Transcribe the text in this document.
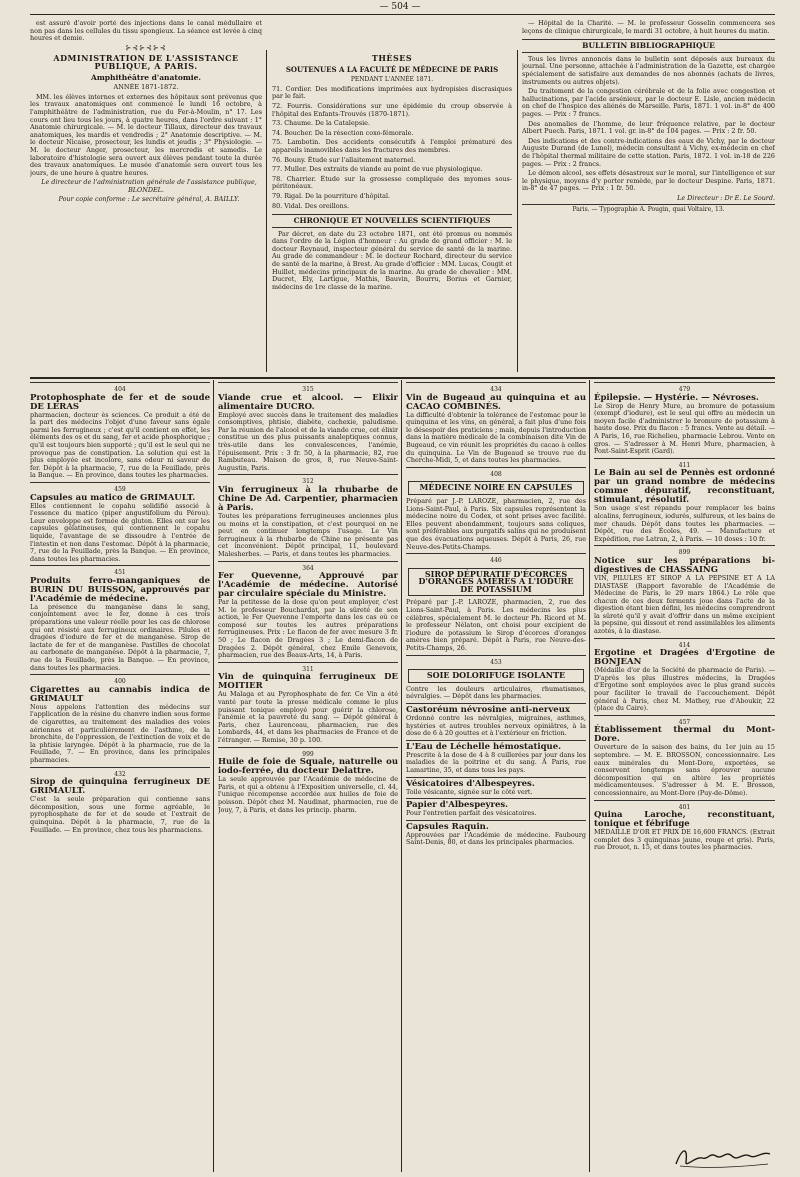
— 504 —

est assuré d'avoir porté des injections dans le canal médullaire et non pas dans les cellules du tissu spongieux. La séance est levée à cinq heures et demie.

⊱⊰⊱⊰⊱⊰
ADMINISTRATION DE L'ASSISTANCE PUBLIQUE, A PARIS.
Amphithéâtre d'anatomie.
ANNÉE 1871-1872.

MM. les élèves internes et externes des hôpitaux sont prévenus que les travaux anatomiques ont commencé le lundi 16 octobre, à l'amphithéâtre de l'administration, rue du Fer-à-Moulin, n° 17. Les cours ont lieu tous les jours, à quatre heures, dans l'ordre suivant : 1° Anatomie chirurgicale. — M. le docteur Tillaux, directeur des travaux anatomiques, les mardis et vendredis ; 2° Anatomie descriptive. — M. le docteur Nicaise, prosecteur, les lundis et jeudis ; 3° Physiologie. — M. le docteur Anger, prosecteur, les mercredis et samedis. Le laboratoire d'histologie sera ouvert aux élèves pendant toute la durée des travaux anatomiques. Le musée d'anatomie sera ouvert tous les jours, de une heure à quatre heures.

Le directeur de l'administration générale de l'assistance publique, BLONDEL.

Pour copie conforme : Le secrétaire général, A. BAILLY.

THÈSES
SOUTENUES A LA FACULTÉ DE MÉDECINE DE PARIS
PENDANT L'ANNÉE 1871.

71. Cordier. Des modifications imprimées aux hydropisies discrasiques par le fait.

72. Fourris. Considérations sur une épidémie du croup observée à l'hôpital des Enfants-Trouvés (1870-1871).

73. Chaume. De la Catalepsie.

74. Boucher. De la résection coxo-fémorale.

75. Lambotin. Des accidents consécutifs à l'emploi prématuré des appareils inamovibles dans les fractures des membres.

76. Bouny. Étude sur l'allaitement maternel.

77. Muller. Des extraits de viande au point de vue physiologique.

78. Charrier. Étude sur la grossesse compliquée des myomes sous-péritonéaux.

79. Rigal. De la pourriture d'hôpital.

80. Vidal. Des oreillons.

CHRONIQUE ET NOUVELLES SCIENTIFIQUES

Par décret, en date du 23 octobre 1871, ont été promus ou nommés dans l'ordre de la Légion d'honneur : Au grade de grand officier : M. le docteur Reynaud, inspecteur général du service de santé de la marine. Au grade de commandeur : M. le docteur Rochard, directeur du service de santé de la marine, à Brest. Au grade d'officier : MM. Lucas, Cougit et Huillet, médecins principaux de la marine. Au grade de chevalier : MM. Ducret, Ely, Lartigue, Mathis, Bauvin, Bourru, Borius et Garnier, médecins de 1re classe de la marine.

— Hôpital de la Charité. — M. le professeur Gosselin commencera ses leçons de clinique chirurgicale, le mardi 31 octobre, à huit heures du matin.

BULLETIN BIBLIOGRAPHIQUE

Tous les livres annoncés dans le bulletin sont déposés aux bureaux du journal. Une personne, attachée à l'administration de la Gazette, est chargée spécialement de satisfaire aux demandes de nos abonnés (achats de livres, instruments ou autres objets).

Du traitement de la congestion cérébrale et de la folie avec congestion et hallucinations, par l'acide arsénieux, par le docteur E. Lisle, ancien médecin en chef de l'hospice des aliénés de Marseille. Paris, 1871. 1 vol. in-8° de 400 pages. — Prix : 7 francs.

Des anomalies de l'homme, de leur fréquence relative, par le docteur Albert Puech. Paris, 1871. 1 vol. gr. in-8° de 104 pages. — Prix : 2 fr. 50.

Des indications et des contre-indications des eaux de Vichy, par le docteur Auguste Durand (de Lunel), médecin consultant à Vichy, ex-médecin en chef de l'hôpital thermal militaire de cette station. Paris, 1872. 1 vol. in-18 de 226 pages. — Prix : 2 francs.

Le démon alcool, ses effets désastreux sur le moral, sur l'intelligence et sur le physique, moyens d'y porter remède, par le docteur Despine. Paris, 1871. in-8° de 47 pages. — Prix : 1 fr. 50.

Le Directeur : Dr E. Le Sourd.

Paris. — Typographie A. Pougin, quai Voltaire, 13.
404
Protophosphate de fer et de soude DE LERAS

pharmacien, docteur ès sciences. Ce produit a été de la part des médecins l'objet d'une faveur sans égale parmi les ferrugineux ; c'est qu'il contient en effet, les éléments des os et du sang, fer et acide phosphorique ; qu'il est toujours bien supporté ; qu'il est le seul qui ne provoque pas de constipation. La solution qui est la plus employée est incolore, sans odeur ni saveur de fer. Dépôt à la pharmacie, 7, rue de la Feuillade, près la Banque. — En province, dans toutes les pharmacies.

459
Capsules au matico de GRIMAULT.

Elles contiennent le copahu solidifié associé à l'essence du matico (piper angustifolium du Pérou). Leur enveloppe est formée de gluten. Elles ont sur les capsules gélatineuses, qui contiennent le copahu liquide, l'avantage de se dissoudre à l'entrée de l'intestin et non dans l'estomac. Dépôt à la pharmacie, 7, rue de la Feuillade, près la Banque. — En province, dans toutes les pharmacies.

451
Produits ferro-manganiques de BURIN DU BUISSON, approuvés par l'Académie de médecine.

La présence du manganèse dans le sang, conjointement avec le fer, donne à ces trois préparations une valeur réelle pour les cas de chlorose qui ont résisté aux ferrugineux ordinaires. Pilules et dragées d'iodure de fer et de manganèse. Sirop de lactate de fer et de manganèse. Pastilles de chocolat au carbonate de manganèse. Dépôt à la pharmacie, 7, rue de la Feuillade, près la Banque. — En province, dans toutes les pharmacies.

400
Cigarettes au cannabis indica de GRIMAULT

Nous appelons l'attention des médecins sur l'application de la résine du chanvre indien sous forme de cigarettes, au traitement des maladies des voies aériennes et particulièrement de l'asthme, de la bronchite, de l'oppression, de l'extinction de voix et de la phtisie laryngée. Dépôt à la pharmacie, rue de la Feuillade, 7. — En province, dans les principales pharmacies.

432
Sirop de quinquina ferrugineux DE GRIMAULT.

C'est la seule préparation qui contienne sans décomposition, sous une forme agréable, le pyrophosphate de fer et de soude et l'extrait de quinquina. Dépôt à la pharmacie, 7, rue de la Feuillade. — En province, chez tous les pharmaciens.

315
Viande crue et alcool. — Elixir alimentaire DUCRO.

Employé avec succès dans le traitement des maladies consomptives, phtisie, diabète, cachexie, paludisme. Par la réunion de l'alcool et de la viande crue, cet élixir constitue un des plus puissants analeptiques connus, très-utile dans les convalescences, l'anémie, l'épuisement. Prix : 3 fr. 50, à la pharmacie, 82, rue Rambuteau. Maison de gros, 8, rue Neuve-Saint-Augustin, Paris.

312
Vin ferrugineux à la rhubarbe de Chine De Ad. Carpentier, pharmacien à Paris.

Toutes les préparations ferrugineuses anciennes plus ou moins et la constipation, et c'est pourquoi on ne peut en continuer longtemps l'usage. Le Vin ferrugineux à la rhubarbe de Chine ne présente pas cet inconvénient. Dépôt principal, 11, boulevard Malesherbes. — Paris, et dans toutes les pharmacies.

364
Fer Quevenne, Approuvé par l'Académie de médecine. Autorisé par circulaire spéciale du Ministre.

Par la petitesse de la dose qu'on peut employer, c'est M. le professeur Bouchardat, par la sûreté de son action, le Fer Quevenne l'emporte dans les cas où ce composé sur toutes les autres préparations ferrugineuses. Prix : Le flacon de fer avec mesure 3 fr. 50 ; Le flacon de Dragées 3 ; Le demi-flacon de Dragées 2. Dépôt général, chez Emile Genevoix, pharmacien, rue des Beaux-Arts, 14, à Paris.

311
Vin de quinquina ferrugineux DE MOITIER

Au Malaga et au Pyrophosphate de fer. Ce Vin a été vanté par toute la presse médicale comme le plus puissant tonique employé pour guérir la chlorose, l'anémie et la pauvreté du sang. — Dépôt général à Paris, chez Laurenceau, pharmacien, rue des Lombards, 44, et dans les pharmacies de France et de l'étranger. — Remise, 30 p. 100.

999
Huile de foie de Squale, naturelle ou iodo-ferrée, du docteur Delattre.

La seule approuvée par l'Académie de médecine de Paris, et qui a obtenu à l'Exposition universelle, cl. 44, l'unique récompense accordée aux huiles de foie de poisson. Dépôt chez M. Naudinat, pharmacien, rue de Jouy, 7, à Paris, et dans les princip. pharm.

434
Vin de Bugeaud au quinquina et au CACAO COMBINÉS.

La difficulté d'obtenir la tolérance de l'estomac pour le quinquina et les vins, en général, a fait plus d'une fois le désespoir des praticiens ; mais, depuis l'introduction dans la matière médicale de la combinaison dite Vin de Bugeaud, ce vin réunit les propriétés du cacao à celles du quinquina. Le Vin de Bugeaud se trouve rue du Cherche-Midi, 5, et dans toutes les pharmacies.

408
MÉDECINE NOIRE EN CAPSULES

Préparé par J.-P. LAROZE, pharmacien, 2, rue des Lions-Saint-Paul, à Paris. Six capsules représentent la médecine noire du Codex, et sont prises avec facilité. Elles peuvent abondamment, toujours sans coliques, sont préférables aux purgatifs salins qui ne produisent que des évacuations aqueuses. Dépôt à Paris, 26, rue Neuve-des-Petits-Champs.

446
SIROP DÉPURATIF D'ÉCORCES D'ORANGES AMÈRES A L'IODURE DE POTASSIUM

Préparé par J.-P. LAROZE, pharmacien, 2, rue des Lions-Saint-Paul, à Paris. Les médecins les plus célèbres, spécialement M. le docteur Ph. Ricord et M. le professeur Nélaton, ont choisi pour excipient de l'iodure de potassium le Sirop d'écorces d'oranges amères bien préparé. Dépôt à Paris, rue Neuve-des-Petits-Champs, 26.

453
SOIE DOLORIFUGE ISOLANTE

Contre les douleurs articulaires, rhumatismes, névralgies. — Dépôt dans les pharmacies.

Castoréum névrosine anti-nerveux

Ordonné contre les névralgies, migraines, asthmes, hystéries et autres troubles nerveux opiniâtres, à la dose de 6 à 20 gouttes et à l'extérieur en friction.

L'Eau de Léchelle hémostatique.

Prescrite à la dose de 4 à 8 cuillerées par jour dans les maladies de la poitrine et du sang. A Paris, rue Lamartine, 35, et dans tous les pays.

Vésicatoires d'Albespeyres.

Toile vésicante, signée sur le côté vert.

Papier d'Albespeyres.

Pour l'entretien parfait des vésicatoires.

Capsules Raquin.

Approuvées par l'Académie de médecine. Faubourg Saint-Denis, 80, et dans les principales pharmacies.

479
Épilepsie. — Hystérie. — Névroses.

Le Sirop de Henry Mure, au bromure de potassium (exempt d'iodure), est le seul qui offre au médecin un moyen facile d'administrer le bromure de potassium à haute dose. Prix du flacon : 5 francs. Vente au détail. — A Paris, 16, rue Richelieu, pharmacie Lebrou. Vente en gros. — S'adresser à M. Henri Mure, pharmacien, à Pont-Saint-Esprit (Gard).

411
Le Bain au sel de Pennès est ordonné par un grand nombre de médecins comme dépuratif, reconstituant, stimulant, résolutif.

Son usage s'est répandu pour remplacer les bains alcalins, ferrugineux, iodurés, sulfureux, et les bains de mer chauds. Dépôt dans toutes les pharmacies. — Dépôt, rue des Écoles, 49. — Manufacture et Expédition, rue Latran, 2, à Paris. — 10 doses : 10 fr.

899
Notice sur les préparations bi-digestives de CHASSAING

VIN, PILULES ET SIROP A LA PEPSINE ET A LA DIASTASE (Rapport favorable de l'Académie de Médecine de Paris, le 29 mars 1864.) Le rôle que chacun de ces deux ferments joue dans l'acte de la digestion étant bien défini, les médecins comprendront la sûreté qu'il y avait d'offrir dans un même excipient la pepsine, qui dissout et rend assimilables les aliments azotés, à la diastase.

414
Ergotine et Dragées d'Ergotine de BONJEAN

(Médaille d'or de la Société de pharmacie de Paris). — D'après les plus illustres médecins, la Dragées d'Ergotine sont employées avec le plus grand succès pour faciliter le travail de l'accouchement. Dépôt général à Paris, chez M. Mathey, rue d'Aboukir, 22 (place du Caire).

457
Établissement thermal du Mont-Dore.

Ouverture de la saison des bains, du 1er juin au 15 septembre. — M. E. BROSSON, concessionnaire. Les eaux minérales du Mont-Dore, exportées, se conservent longtemps sans éprouver aucune décomposition qui en altère les propriétés médicamenteuses. S'adresser à M. E. Brosson, concessionnaire, au Mont-Dore (Puy-de-Dôme).

401
Quina Laroche, reconstituant, tonique et fébrifuge

MÉDAILLE D'OR ET PRIX DE 16,600 FRANCS. (Extrait complet des 3 quinquinas jaune, rouge et gris). Paris, rue Drouot, n. 15, et dans toutes les pharmacies.
